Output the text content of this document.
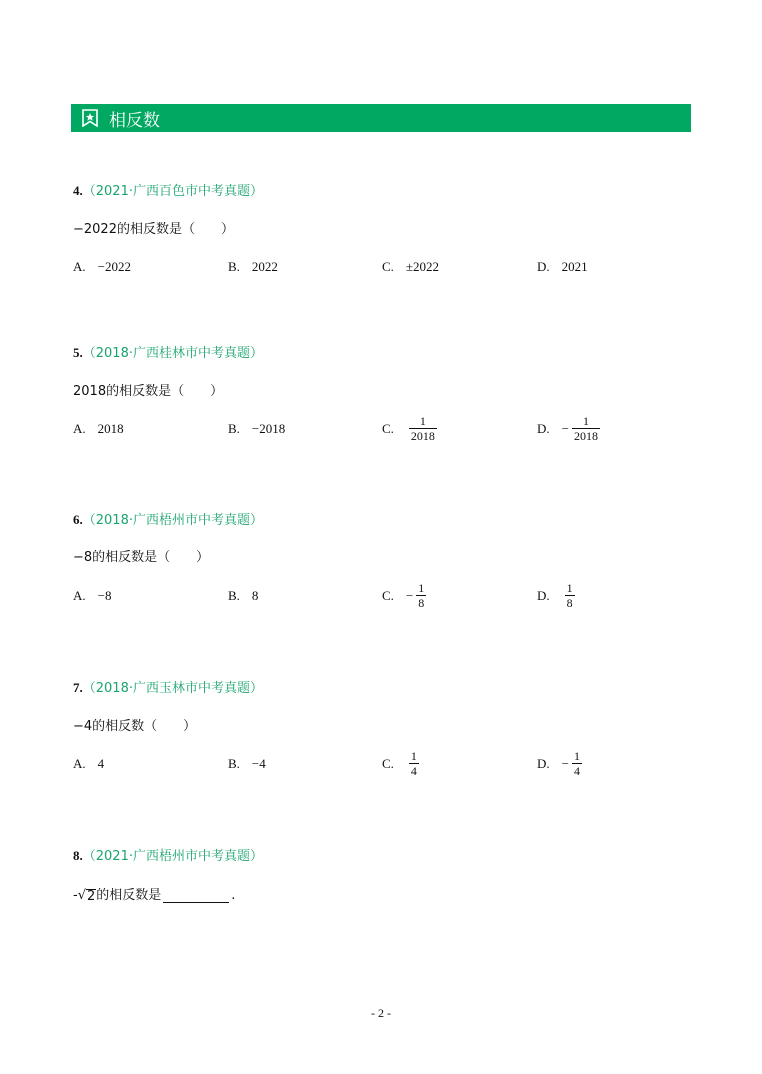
相反数
4.（2021·广西百色市中考真题）
−2022的相反数是（　　）
A. −2022	B. 2022	C. ±2022	D. 2021
5.（2018·广西桂林市中考真题）
2018的相反数是（　　）
A. 2018	B. −2018	C. $\frac{1}{2018}$	D. − $\frac{1}{2018}$
6.（2018·广西梧州市中考真题）
−8的相反数是（　　）
A. −8	B. 8	C. − $\frac{1}{8}$	D. $\frac{1}{8}$
7.（2018·广西玉林市中考真题）
−4的相反数（　　）
A. 4	B. −4	C. $\frac{1}{4}$	D. − $\frac{1}{4}$
8.（2021·广西梧州市中考真题）
- √ 2 的相反数是	.
- 2 -
